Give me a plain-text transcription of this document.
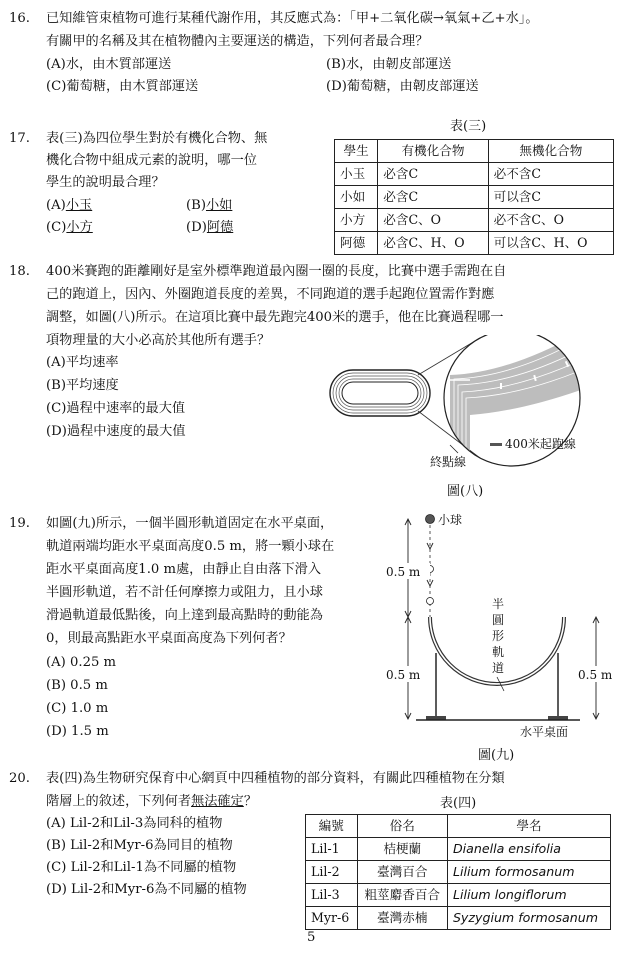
16.	已知維管束植物可進行某種代謝作用，其反應式為：「甲+二氧化碳→氧氣+乙+水」。
有關甲的名稱及其在植物體內主要運送的構造，下列何者最合理？
(A)水，由木質部運送	(B)水，由韌皮部運送
(C)葡萄糖，由木質部運送	(D)葡萄糖，由韌皮部運送
17.	表(三)為四位學生對於有機化合物、無
機化合物中組成元素的說明，哪一位
學生的說明最合理？
(A)小玉	(B)小如
(C)小方	(D)阿德
表(三)
學生	有機化合物	無機化合物
小玉	必含C	必不含C
小如	必含C	可以含C
小方	必含C、O	必不含C、O
阿德	必含C、H、O	可以含C、H、O
18.	400米賽跑的距離剛好是室外標準跑道最內圈一圈的長度，比賽中選手需跑在自
己的跑道上，因內、外圈跑道長度的差異，不同跑道的選手起跑位置需作對應
調整，如圖(八)所示。在這項比賽中最先跑完400米的選手，他在比賽過程哪一
項物理量的大小必高於其他所有選手？
(A)平均速率
(B)平均速度
(C)過程中速率的最大值
(D)過程中速度的最大值
終點線
400米起跑線
圖(八)
19.	如圖(九)所示，一個半圓形軌道固定在水平桌面，
軌道兩端均距水平桌面高度0.5 m，將一顆小球在
距水平桌面高度1.0 m處，由靜止自由落下滑入
半圓形軌道，若不計任何摩擦力或阻力，且小球
滑過軌道最低點後，向上達到最高點時的動能為
0，則最高點距水平桌面高度為下列何者？
(A) 0.25 m
(B) 0.5 m
(C) 1.0 m
(D) 1.5 m
小球
0.5 m
0.5 m
水平桌面
半
圓
形
軌
道	0.5 m
圖(九)
20.	表(四)為生物研究保育中心網頁中四種植物的部分資料，有關此四種植物在分類
階層上的敘述，下列何者無法確定？
(A) Lil-2和Lil-3為同科的植物
(B) Lil-2和Myr-6為同目的植物
(C) Lil-2和Lil-1為不同屬的植物
(D) Lil-2和Myr-6為不同屬的植物
表(四)
編號	俗名	學名
Lil-1	桔梗蘭	Dianella ensifolia
Lil-2	臺灣百合	Lilium formosanum
Lil-3	粗莖麝香百合	Lilium longiflorum
Myr-6	臺灣赤楠	Syzygium formosanum
5
